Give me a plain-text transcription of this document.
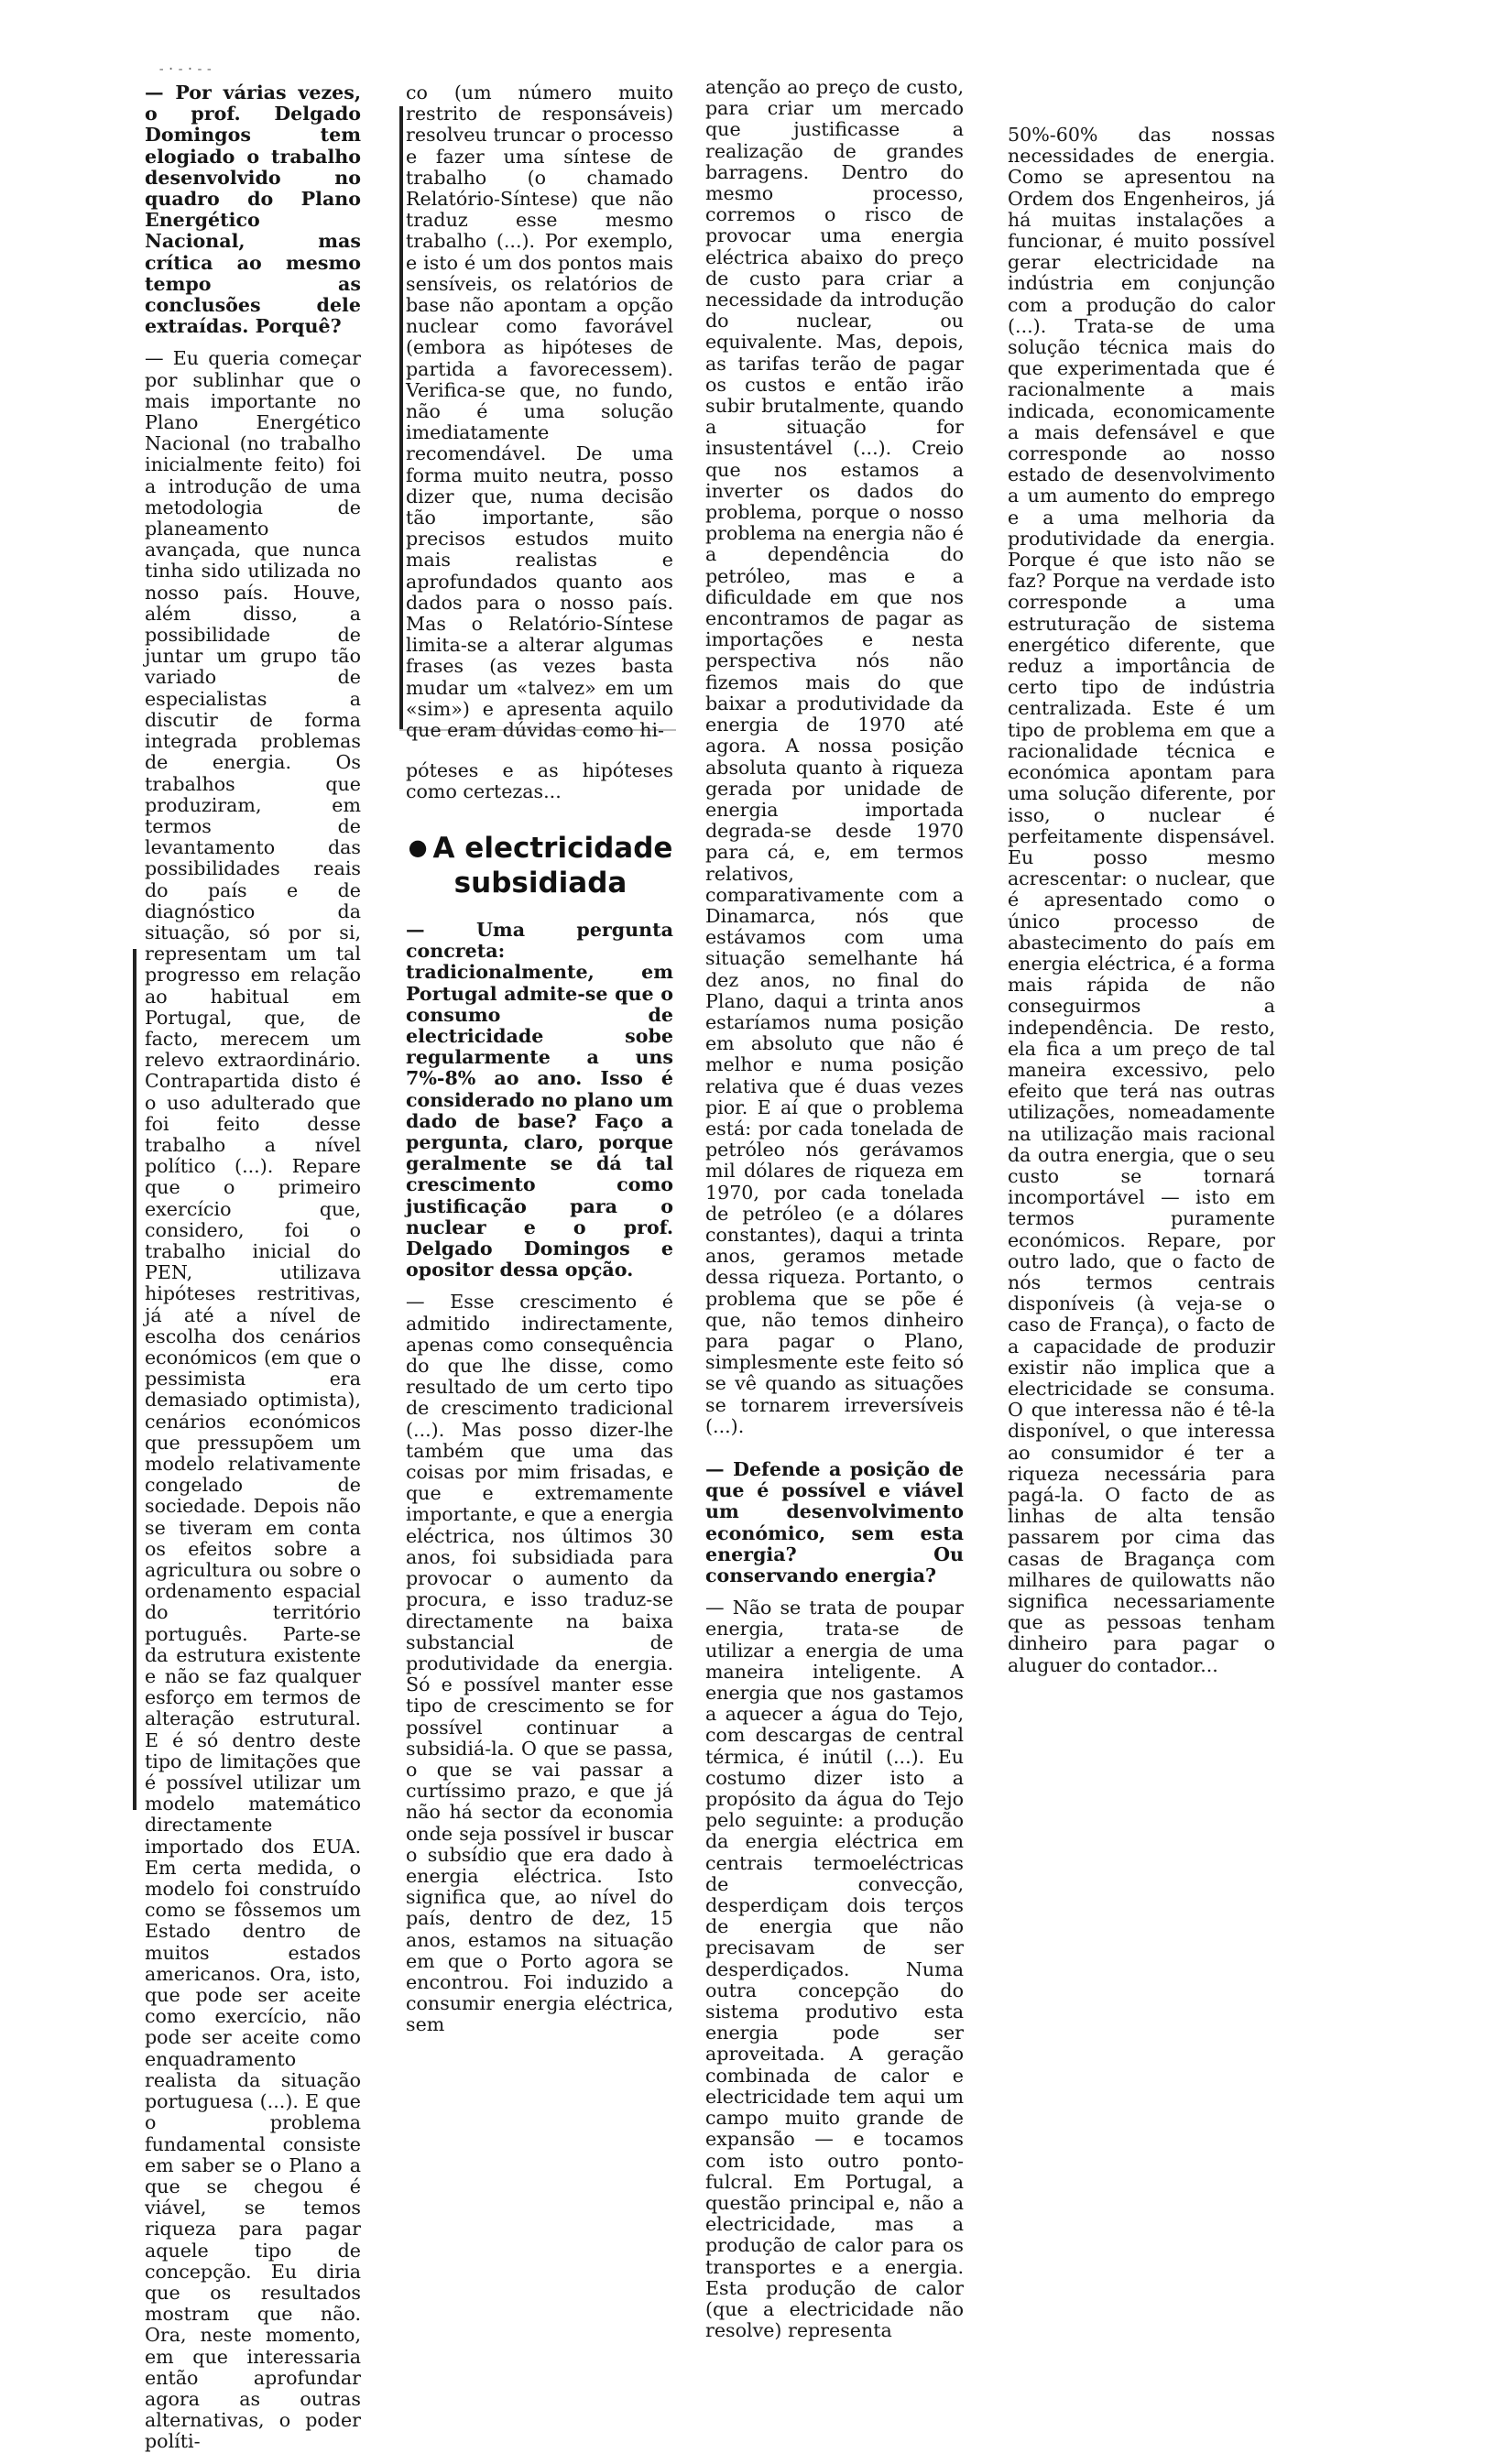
-·-·--

— Por várias vezes, o prof. Delgado Domingos tem elogiado o trabalho desenvolvido no quadro do Plano Energético Nacional, mas crítica ao mesmo tempo as conclusões dele extraídas. Porquê?

— Eu queria começar por sublinhar que o mais importante no Plano Energético Nacional (no trabalho inicialmente feito) foi a introdução de uma metodologia de planeamento avançada, que nunca tinha sido utilizada no nosso país. Houve, além disso, a possibilidade de juntar um grupo tão variado de especialistas a discutir de forma integrada problemas de energia. Os trabalhos que produziram, em termos de levantamento das possibilidades reais do país e de diagnóstico da situação, só por si, representam um tal progresso em relação ao habitual em Portugal, que, de facto, merecem um relevo extraordinário. Contrapartida disto é o uso adulterado que foi feito desse trabalho a nível político (...). Repare que o primeiro exercício que, considero, foi o trabalho inicial do PEN, utilizava hipóteses restritivas, já até a nível de escolha dos cenários económicos (em que o pessimista era demasiado optimista), cenários económicos que pressupõem um modelo relativamente congelado de sociedade. Depois não se tiveram em conta os efeitos sobre a agricultura ou sobre o ordenamento espacial do território português. Parte-se da estrutura existente e não se faz qualquer esforço em termos de alteração estrutural. E é só dentro deste tipo de limitações que é possível utilizar um modelo matemático directamente importado dos EUA. Em certa medida, o modelo foi construído como se fôssemos um Estado dentro de muitos estados americanos. Ora, isto, que pode ser aceite como exercício, não pode ser aceite como enquadramento realista da situação portuguesa (...). E que o problema fundamental consiste em saber se o Plano a que se chegou é viável, se temos riqueza para pagar aquele tipo de concepção. Eu diria que os resultados mostram que não. Ora, neste momento, em que interessaria então aprofundar agora as outras alternativas, o poder políti-

co (um número muito restrito de responsáveis) resolveu truncar o processo e fazer uma síntese de trabalho (o chamado Relatório-Síntese) que não traduz esse mesmo trabalho (...). Por exemplo, e isto é um dos pontos mais sensíveis, os relatórios de base não apontam a opção nuclear como favorável (embora as hipóteses de partida a favorecessem). Verifica-se que, no fundo, não é uma solução imediatamente recomendável. De uma forma muito neutra, posso dizer que, numa decisão tão importante, são precisos estudos muito mais realistas e aprofundados quanto aos dados para o nosso país. Mas o Relatório-Síntese limita-se a alterar algumas frases (as vezes basta mudar um «talvez» em um «sim») e apresenta aquilo que eram dúvidas como hi-

póteses e as hipóteses como certezas...

● A electricidade subsidiada

— Uma pergunta concreta: tradicionalmente, em Portugal admite-se que o consumo de electricidade sobe regularmente a uns 7%-8% ao ano. Isso é considerado no plano um dado de base? Faço a pergunta, claro, porque geralmente se dá tal crescimento como justificação para o nuclear e o prof. Delgado Domingos e opositor dessa opção.

— Esse crescimento é admitido indirectamente, apenas como consequência do que lhe disse, como resultado de um certo tipo de crescimento tradicional (...). Mas posso dizer-lhe também que uma das coisas por mim frisadas, e que e extremamente importante, e que a energia eléctrica, nos últimos 30 anos, foi subsidiada para provocar o aumento da procura, e isso traduz-se directamente na baixa substancial de produtividade da energia. Só e possível manter esse tipo de crescimento se for possível continuar a subsidiá-la. O que se passa, o que se vai passar a curtíssimo prazo, e que já não há sector da economia onde seja possível ir buscar o subsídio que era dado à energia eléctrica. Isto significa que, ao nível do país, dentro de dez, 15 anos, estamos na situação em que o Porto agora se encontrou. Foi induzido a consumir energia eléctrica, sem

atenção ao preço de custo, para criar um mercado que justificasse a realização de grandes barragens. Dentro do mesmo processo, corremos o risco de provocar uma energia eléctrica abaixo do preço de custo para criar a necessidade da introdução do nuclear, ou equivalente. Mas, depois, as tarifas terão de pagar os custos e então irão subir brutalmente, quando a situação for insustentável (...). Creio que nos estamos a inverter os dados do problema, porque o nosso problema na energia não é a dependência do petróleo, mas e a dificuldade em que nos encontramos de pagar as importações e nesta perspectiva nós não fizemos mais do que baixar a produtividade da energia de 1970 até agora. A nossa posição absoluta quanto à riqueza gerada por unidade de energia importada degrada-se desde 1970 para cá, e, em termos relativos, comparativamente com a Dinamarca, nós que estávamos com uma situação semelhante há dez anos, no final do Plano, daqui a trinta anos estaríamos numa posição em absoluto que não é melhor e numa posição relativa que é duas vezes pior. E aí que o problema está: por cada tonelada de petróleo nós gerávamos mil dólares de riqueza em 1970, por cada tonelada de petróleo (e a dólares constantes), daqui a trinta anos, geramos metade dessa riqueza. Portanto, o problema que se põe é que, não temos dinheiro para pagar o Plano, simplesmente este feito só se vê quando as situações se tornarem irreversíveis (...).

— Defende a posição de que é possível e viável um desenvolvimento económico, sem esta energia? Ou conservando energia?

— Não se trata de poupar energia, trata-se de utilizar a energia de uma maneira inteligente. A energia que nos gastamos a aquecer a água do Tejo, com descargas de central térmica, é inútil (...). Eu costumo dizer isto a propósito da água do Tejo pelo seguinte: a produção da energia eléctrica em centrais termoeléctricas de convecção, desperdiçam dois terços de energia que não precisavam de ser desperdiçados. Numa outra concepção do sistema produtivo esta energia pode ser aproveitada. A geração combinada de calor e electricidade tem aqui um campo muito grande de expansão — e tocamos com isto outro ponto-fulcral. Em Portugal, a questão principal e, não a electricidade, mas a produção de calor para os transportes e a energia. Esta produção de calor (que a electricidade não resolve) representa

50%-60% das nossas necessidades de energia. Como se apresentou na Ordem dos Engenheiros, já há muitas instalações a funcionar, é muito possível gerar electricidade na indústria em conjunção com a produção do calor (...). Trata-se de uma solução técnica mais do que experimentada que é racionalmente a mais indicada, economicamente a mais defensável e que corresponde ao nosso estado de desenvolvimento a um aumento do emprego e a uma melhoria da produtividade da energia. Porque é que isto não se faz? Porque na verdade isto corresponde a uma estruturação de sistema energético diferente, que reduz a importância de certo tipo de indústria centralizada. Este é um tipo de problema em que a racionalidade técnica e económica apontam para uma solução diferente, por isso, o nuclear é perfeitamente dispensável. Eu posso mesmo acrescentar: o nuclear, que é apresentado como o único processo de abastecimento do país em energia eléctrica, é a forma mais rápida de não conseguirmos a independência. De resto, ela fica a um preço de tal maneira excessivo, pelo efeito que terá nas outras utilizações, nomeadamente na utilização mais racional da outra energia, que o seu custo se tornará incomportável — isto em termos puramente económicos. Repare, por outro lado, que o facto de nós termos centrais disponíveis (à veja-se o caso de França), o facto de a capacidade de produzir existir não implica que a electricidade se consuma. O que interessa não é tê-la disponível, o que interessa ao consumidor é ter a riqueza necessária para pagá-la. O facto de as linhas de alta tensão passarem por cima das casas de Bragança com milhares de quilowatts não significa necessariamente que as pessoas tenham dinheiro para pagar o aluguer do contador...
